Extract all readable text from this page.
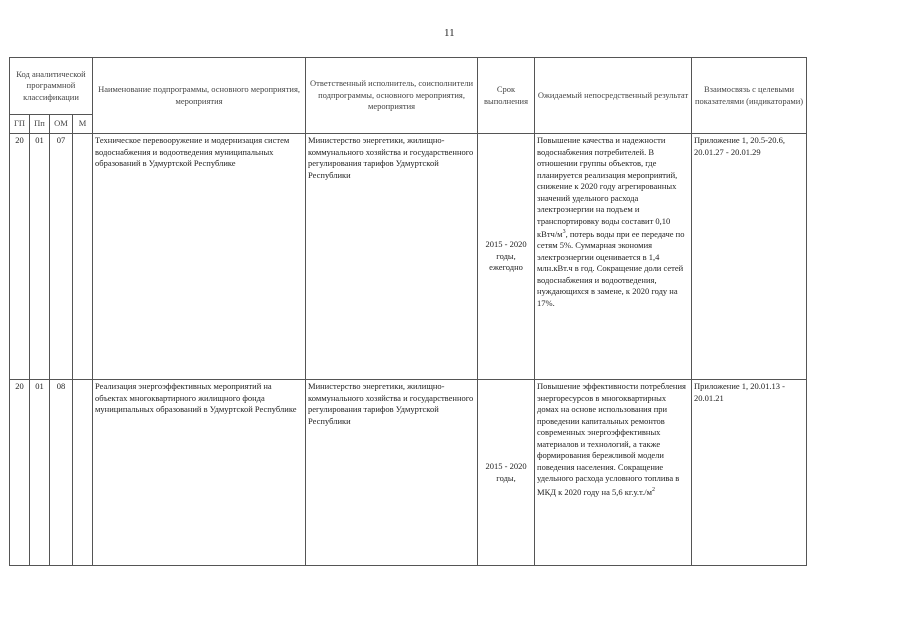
11
Код аналитической программной классификации				Наименование подпрограммы, основного мероприятия, мероприятия	Ответственный исполнитель, соисполнители подпрограммы, основного мероприятия, мероприятия	Срок выполнения	Ожидаемый непосредственный результат	Взаимосвязь с целевыми показателями (индикаторами)
ГП	Пп	ОМ	М					
20	01	07		Техническое перевооружение и модернизация систем водоснабжения и водоотведения муниципальных образований в Удмуртской Республике	Министерство энергетики, жилищно-коммунального хозяйства и государственного регулирования тарифов Удмуртской Республики	2015 - 2020 годы, ежегодно	Повышение качества и надежности водоснабжения потребителей. В отношении группы объектов, где планируется реализация мероприятий, снижение к 2020 году агрегированных значений удельного расхода электроэнергии на подъем и транспортировку воды составит 0,10 кВтч/$м^3$, потерь воды при ее передаче по сетям 5%. Суммарная экономия электроэнергии оценивается в 1,4 млн.кВт.ч в год. Сокращение доли сетей водоснабжения и водоотведения, нуждающихся в замене, к 2020 году на 17%.	Приложение 1, 20.5-20.6, 20.01.27 - 20.01.29
20	01	08		Реализация энергоэффективных мероприятий на объектах многоквартирного жилищного фонда муниципальных образований в Удмуртской Республике	Министерство энергетики, жилищно-коммунального хозяйства и государственного регулирования тарифов Удмуртской Республики	2015 - 2020 годы,	Повышение эффективности потребления энергоресурсов в многоквартирных домах на основе использования при проведении капитальных ремонтов современных энергоэффективных материалов и технологий, а также формирования бережливой модели поведения населения. Сокращение удельного расхода условного топлива в МКД к 2020 году на 5,6 $кг.у.т./м^2$	Приложение 1, 20.01.13 - 20.01.21
